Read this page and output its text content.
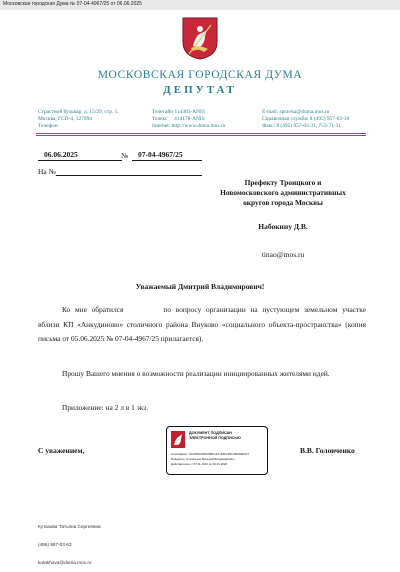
Московская городская Дума № 07-04-4967/25 от 06.06.2025
МОСКОВСКАЯ ГОРОДСКАЯ ДУМА
ДЕПУТАТ
Страстной бульвар, д. 15/29, стр. 1,
Москва, ГСП-4, 127994
Телефон
Телетайп 114383-ANIS
Телекс     414178-ANIS
Internet: http://www.duma.mos.ru
E-mail: spravka@duma.mos.ru
Справочная служба: 8 (495) 957-03-30
Факс: 8 (495) 957-03-31, 753-71-31
06.06.2025	№ 07-04-4967/25
На №
Префекту Троицкого и
Новомосковского административных
округов города Москвы
Набокину Д.В.
tinao@mos.ru
Уважаемый Дмитрий Владимирович!
Ко мне обратился	по вопросу организации на пустующем земельном участке вблизи КП «Анкудиново» столичного района Внуково «социального объекта-пространства» (копия письма от 05.06.2025 № 07-04-4967/25 прилагается).
Прошу Вашего мнения о возможности реализации инициированных жителями идей.
Приложение: на 2 л в 1 экз.
С уважением,	В.В. Головченко
ДОКУМЕНТ ПОДПИСАН
ЭЛЕКТРОННОЙ ПОДПИСЬЮ
Сертификат: 01A0F5A3D0C5B1C4A7E6F1D2C3B4A5E6F7
Владелец: Головченко Валерий Владимирович
Действителен: с 07.11.2024 по 30.01.2026

Кутазова Татьяна Сергеевна

(495) 957-03-62

kutakhova@duma.mos.ru
